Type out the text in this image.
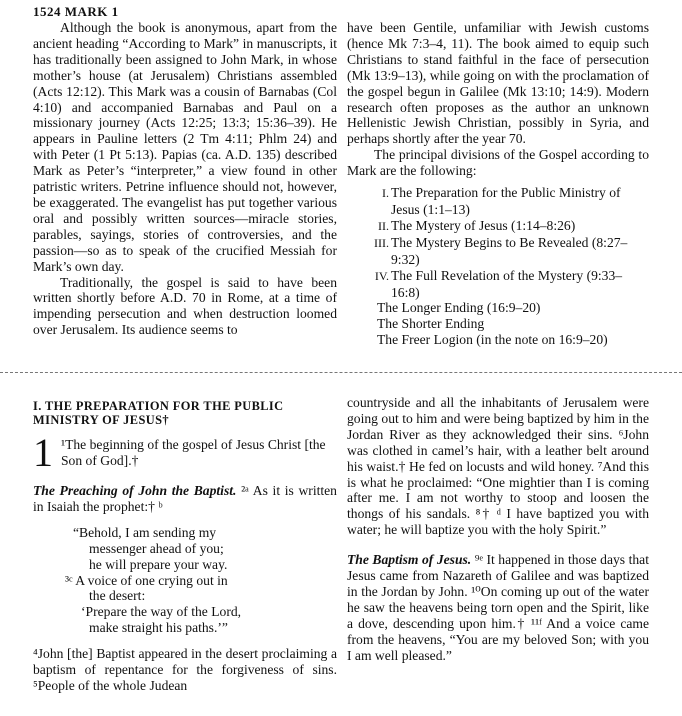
1524 MARK 1

Although the book is anonymous, apart from the ancient heading “According to Mark” in manuscripts, it has traditionally been assigned to John Mark, in whose mother’s house (at Jerusalem) Christians assembled (Acts 12:12). This Mark was a cousin of Barnabas (Col 4:10) and accompanied Barnabas and Paul on a missionary journey (Acts 12:25; 13:3; 15:36–39). He appears in Pauline letters (2 Tm 4:11; Phlm 24) and with Peter (1 Pt 5:13). Papias (ca. A.D. 135) described Mark as Peter’s “interpreter,” a view found in other patristic writers. Petrine influence should not, however, be exaggerated. The evangelist has put together various oral and possibly written sources—miracle stories, parables, sayings, stories of controversies, and the passion—so as to speak of the crucified Messiah for Mark’s own day.

Traditionally, the gospel is said to have been written shortly before A.D. 70 in Rome, at a time of impending persecution and when destruction loomed over Jerusalem. Its audience seems to

have been Gentile, unfamiliar with Jewish customs (hence Mk 7:3–4, 11). The book aimed to equip such Christians to stand faithful in the face of persecution (Mk 13:9–13), while going on with the proclamation of the gospel begun in Galilee (Mk 13:10; 14:9). Modern research often proposes as the author an unknown Hellenistic Jewish Christian, possibly in Syria, and perhaps shortly after the year 70.

The principal divisions of the Gospel according to Mark are the following:

I. The Preparation for the Public Ministry of Jesus (1:1–13)
II. The Mystery of Jesus (1:14–8:26)
III. The Mystery Begins to Be Revealed (8:27–9:32)
IV. The Full Revelation of the Mystery (9:33–16:8)
The Longer Ending (16:9–20)
The Shorter Ending
The Freer Logion (in the note on 16:9–20)
I. THE PREPARATION FOR THE PUBLIC MINISTRY OF JESUS†
1 ¹The beginning of the gospel of Jesus Christ [the Son of God].†

The Preaching of John the Baptist. ²ᵃ As it is written in Isaiah the prophet:† ᵇ

“Behold, I am sending my
messenger ahead of you;
he will prepare your way.
³ᶜ A voice of one crying out in
the desert:
‘Prepare the way of the Lord,
make straight his paths.’”

⁴John [the] Baptist appeared in the desert proclaiming a baptism of repentance for the forgiveness of sins. ⁵People of the whole Judean

countryside and all the inhabitants of Jerusalem were going out to him and were being baptized by him in the Jordan River as they acknowledged their sins. ⁶John was clothed in camel’s hair, with a leather belt around his waist.† He fed on locusts and wild honey. ⁷And this is what he proclaimed: “One mightier than I is coming after me. I am not worthy to stoop and loosen the thongs of his sandals. ⁸† ᵈ I have baptized you with water; he will baptize you with the holy Spirit.”

The Baptism of Jesus. ⁹ᵉ It happened in those days that Jesus came from Nazareth of Galilee and was baptized in the Jordan by John. ¹⁰On coming up out of the water he saw the heavens being torn open and the Spirit, like a dove, descending upon him.† ¹¹ᶠ And a voice came from the heavens, “You are my beloved Son; with you I am well pleased.”
